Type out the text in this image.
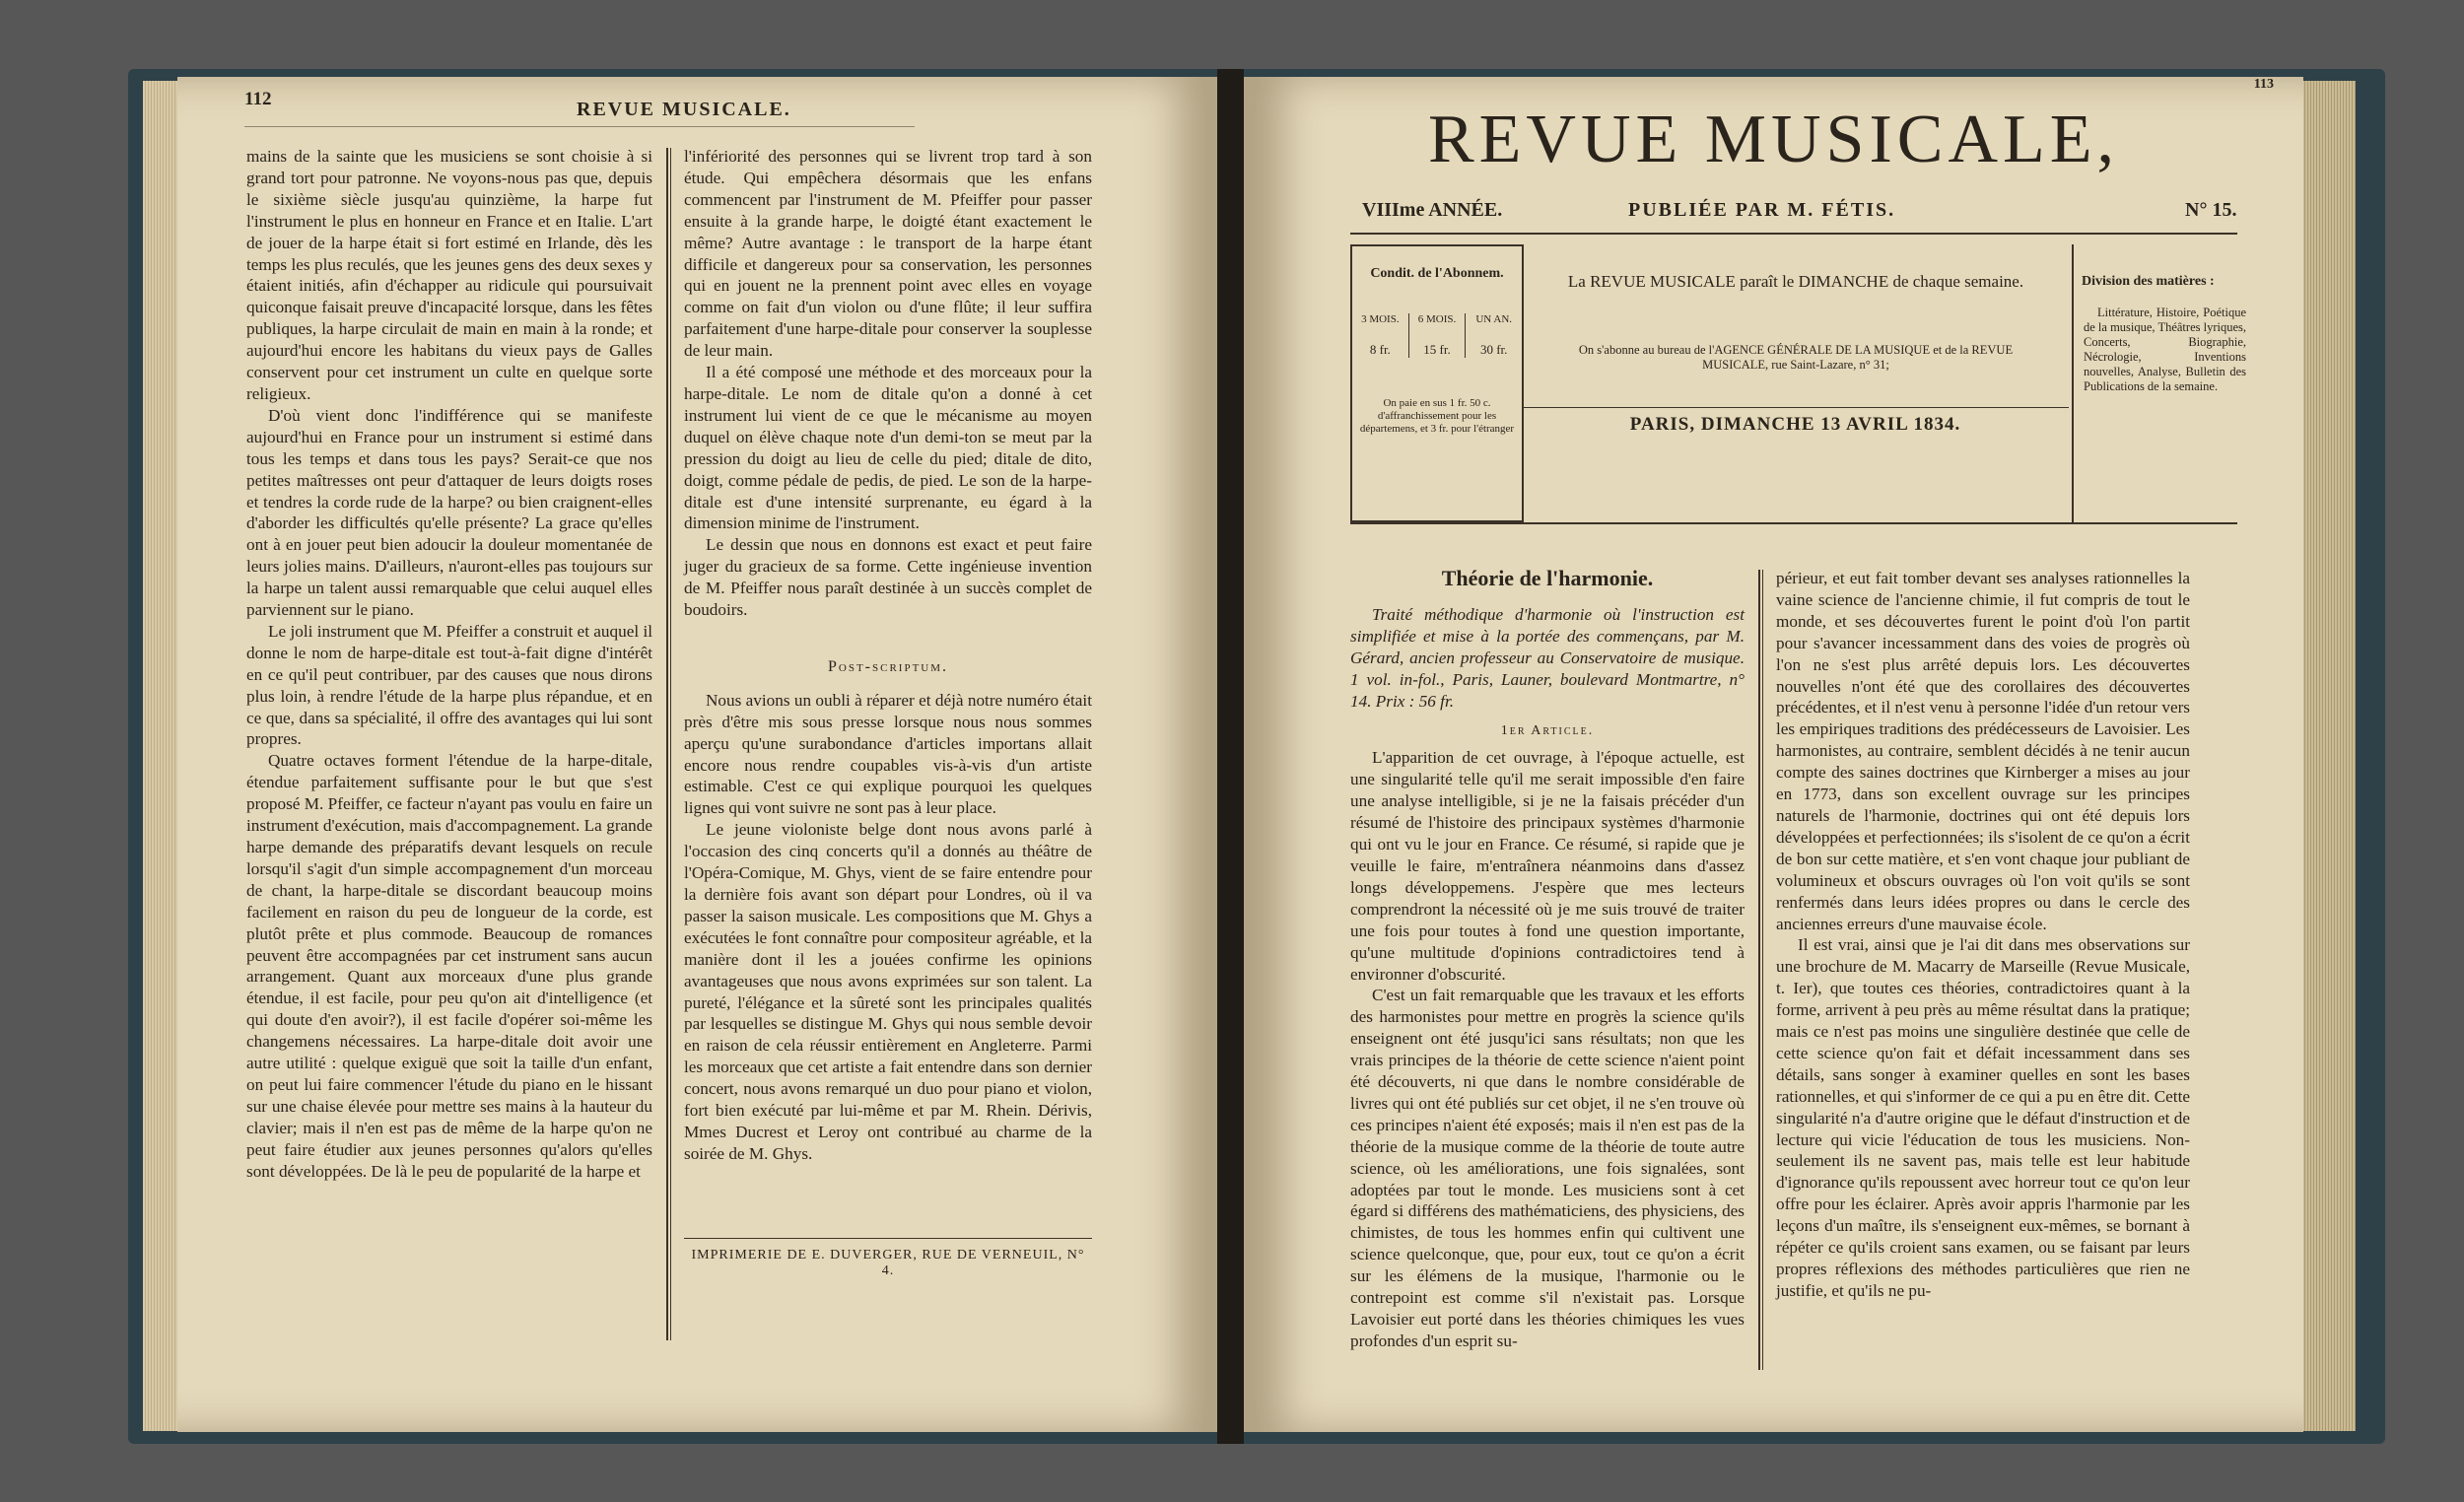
112	REVUE MUSICALE.

mains de la sainte que les musiciens se sont choisie à si grand tort pour patronne. Ne voyons-nous pas que, depuis le sixième siècle jusqu'au quinzième, la harpe fut l'instrument le plus en honneur en France et en Italie. L'art de jouer de la harpe était si fort estimé en Irlande, dès les temps les plus reculés, que les jeunes gens des deux sexes y étaient initiés, afin d'échapper au ridicule qui poursuivait quiconque faisait preuve d'incapacité lorsque, dans les fêtes publiques, la harpe circulait de main en main à la ronde; et aujourd'hui encore les habitans du vieux pays de Galles conservent pour cet instrument un culte en quelque sorte religieux.

D'où vient donc l'indifférence qui se manifeste aujourd'hui en France pour un instrument si estimé dans tous les temps et dans tous les pays? Serait-ce que nos petites maîtresses ont peur d'attaquer de leurs doigts roses et tendres la corde rude de la harpe? ou bien craignent-elles d'aborder les difficultés qu'elle présente? La grace qu'elles ont à en jouer peut bien adoucir la douleur momentanée de leurs jolies mains. D'ailleurs, n'auront-elles pas toujours sur la harpe un talent aussi remarquable que celui auquel elles parviennent sur le piano.

Le joli instrument que M. Pfeiffer a construit et auquel il donne le nom de harpe-ditale est tout-à-fait digne d'intérêt en ce qu'il peut contribuer, par des causes que nous dirons plus loin, à rendre l'étude de la harpe plus répandue, et en ce que, dans sa spécialité, il offre des avantages qui lui sont propres.

Quatre octaves forment l'étendue de la harpe-ditale, étendue parfaitement suffisante pour le but que s'est proposé M. Pfeiffer, ce facteur n'ayant pas voulu en faire un instrument d'exécution, mais d'accompagnement. La grande harpe demande des préparatifs devant lesquels on recule lorsqu'il s'agit d'un simple accompagnement d'un morceau de chant, la harpe-ditale se discordant beaucoup moins facilement en raison du peu de longueur de la corde, est plutôt prête et plus commode. Beaucoup de romances peuvent être accompagnées par cet instrument sans aucun arrangement. Quant aux morceaux d'une plus grande étendue, il est facile, pour peu qu'on ait d'intelligence (et qui doute d'en avoir?), il est facile d'opérer soi-même les changemens nécessaires. La harpe-ditale doit avoir une autre utilité : quelque exiguë que soit la taille d'un enfant, on peut lui faire commencer l'étude du piano en le hissant sur une chaise élevée pour mettre ses mains à la hauteur du clavier; mais il n'en est pas de même de la harpe qu'on ne peut faire étudier aux jeunes personnes qu'alors qu'elles sont développées. De là le peu de popularité de la harpe et

l'infériorité des personnes qui se livrent trop tard à son étude. Qui empêchera désormais que les enfans commencent par l'instrument de M. Pfeiffer pour passer ensuite à la grande harpe, le doigté étant exactement le même? Autre avantage : le transport de la harpe étant difficile et dangereux pour sa conservation, les personnes qui en jouent ne la prennent point avec elles en voyage comme on fait d'un violon ou d'une flûte; il leur suffira parfaitement d'une harpe-ditale pour conserver la souplesse de leur main.

Il a été composé une méthode et des morceaux pour la harpe-ditale. Le nom de ditale qu'on a donné à cet instrument lui vient de ce que le mécanisme au moyen duquel on élève chaque note d'un demi-ton se meut par la pression du doigt au lieu de celle du pied; ditale de dito, doigt, comme pédale de pedis, de pied. Le son de la harpe-ditale est d'une intensité surprenante, eu égard à la dimension minime de l'instrument.

Le dessin que nous en donnons est exact et peut faire juger du gracieux de sa forme. Cette ingénieuse invention de M. Pfeiffer nous paraît destinée à un succès complet de boudoirs.

Post-scriptum.

Nous avions un oubli à réparer et déjà notre numéro était près d'être mis sous presse lorsque nous nous sommes aperçu qu'une surabondance d'articles importans allait encore nous rendre coupables vis-à-vis d'un artiste estimable. C'est ce qui explique pourquoi les quelques lignes qui vont suivre ne sont pas à leur place.

Le jeune violoniste belge dont nous avons parlé à l'occasion des cinq concerts qu'il a donnés au théâtre de l'Opéra-Comique, M. Ghys, vient de se faire entendre pour la dernière fois avant son départ pour Londres, où il va passer la saison musicale. Les compositions que M. Ghys a exécutées le font connaître pour compositeur agréable, et la manière dont il les a jouées confirme les opinions avantageuses que nous avons exprimées sur son talent. La pureté, l'élégance et la sûreté sont les principales qualités par lesquelles se distingue M. Ghys qui nous semble devoir en raison de cela réussir entièrement en Angleterre. Parmi les morceaux que cet artiste a fait entendre dans son dernier concert, nous avons remarqué un duo pour piano et violon, fort bien exécuté par lui-même et par M. Rhein. Dérivis, Mmes Ducrest et Leroy ont contribué au charme de la soirée de M. Ghys.

IMPRIMERIE DE E. DUVERGER, RUE DE VERNEUIL, N° 4.
113
REVUE MUSICALE,
VIIIme ANNÉE.	PUBLIÉE PAR M. FÉTIS.	N° 15.
Condit. de l'Abonnem.
3 MOIS.
8 fr.
6 MOIS.
15 fr.
UN AN.
30 fr.
On paie en sus 1 fr. 50 c. d'affranchissement pour les départemens, et 3 fr. pour l'étranger
La REVUE MUSICALE paraît le DIMANCHE de chaque semaine.
On s'abonne au bureau de l'AGENCE GÉNÉRALE DE LA MUSIQUE et de la REVUE MUSICALE, rue Saint-Lazare, n° 31;
PARIS, DIMANCHE 13 AVRIL 1834.
Division des matières :
Littérature, Histoire, Poétique de la musique, Théâtres lyriques, Concerts, Biographie, Nécrologie, Inventions nouvelles, Analyse, Bulletin des Publications de la semaine.
Théorie de l'harmonie.

Traité méthodique d'harmonie où l'instruction est simplifiée et mise à la portée des commençans, par M. Gérard, ancien professeur au Conservatoire de musique. 1 vol. in-fol., Paris, Launer, boulevard Montmartre, n° 14. Prix : 56 fr.

1er Article.

L'apparition de cet ouvrage, à l'époque actuelle, est une singularité telle qu'il me serait impossible d'en faire une analyse intelligible, si je ne la faisais précéder d'un résumé de l'histoire des principaux systèmes d'harmonie qui ont vu le jour en France. Ce résumé, si rapide que je veuille le faire, m'entraînera néanmoins dans d'assez longs développemens. J'espère que mes lecteurs comprendront la nécessité où je me suis trouvé de traiter une fois pour toutes à fond une question importante, qu'une multitude d'opinions contradictoires tend à environner d'obscurité.

C'est un fait remarquable que les travaux et les efforts des harmonistes pour mettre en progrès la science qu'ils enseignent ont été jusqu'ici sans résultats; non que les vrais principes de la théorie de cette science n'aient point été découverts, ni que dans le nombre considérable de livres qui ont été publiés sur cet objet, il ne s'en trouve où ces principes n'aient été exposés; mais il n'en est pas de la théorie de la musique comme de la théorie de toute autre science, où les améliorations, une fois signalées, sont adoptées par tout le monde. Les musiciens sont à cet égard si différens des mathématiciens, des physiciens, des chimistes, de tous les hommes enfin qui cultivent une science quelconque, que, pour eux, tout ce qu'on a écrit sur les élémens de la musique, l'harmonie ou le contrepoint est comme s'il n'existait pas. Lorsque Lavoisier eut porté dans les théories chimiques les vues profondes d'un esprit su-

périeur, et eut fait tomber devant ses analyses rationnelles la vaine science de l'ancienne chimie, il fut compris de tout le monde, et ses découvertes furent le point d'où l'on partit pour s'avancer incessamment dans des voies de progrès où l'on ne s'est plus arrêté depuis lors. Les découvertes nouvelles n'ont été que des corollaires des découvertes précédentes, et il n'est venu à personne l'idée d'un retour vers les empiriques traditions des prédécesseurs de Lavoisier. Les harmonistes, au contraire, semblent décidés à ne tenir aucun compte des saines doctrines que Kirnberger a mises au jour en 1773, dans son excellent ouvrage sur les principes naturels de l'harmonie, doctrines qui ont été depuis lors développées et perfectionnées; ils s'isolent de ce qu'on a écrit de bon sur cette matière, et s'en vont chaque jour publiant de volumineux et obscurs ouvrages où l'on voit qu'ils se sont renfermés dans leurs idées propres ou dans le cercle des anciennes erreurs d'une mauvaise école.

Il est vrai, ainsi que je l'ai dit dans mes observations sur une brochure de M. Macarry de Marseille (Revue Musicale, t. Ier), que toutes ces théories, contradictoires quant à la forme, arrivent à peu près au même résultat dans la pratique; mais ce n'est pas moins une singulière destinée que celle de cette science qu'on fait et défait incessamment dans ses détails, sans songer à examiner quelles en sont les bases rationnelles, et qui s'informer de ce qui a pu en être dit. Cette singularité n'a d'autre origine que le défaut d'instruction et de lecture qui vicie l'éducation de tous les musiciens. Non-seulement ils ne savent pas, mais telle est leur habitude d'ignorance qu'ils repoussent avec horreur tout ce qu'on leur offre pour les éclairer. Après avoir appris l'harmonie par les leçons d'un maître, ils s'enseignent eux-mêmes, se bornant à répéter ce qu'ils croient sans examen, ou se faisant par leurs propres réflexions des méthodes particulières que rien ne justifie, et qu'ils ne pu-
